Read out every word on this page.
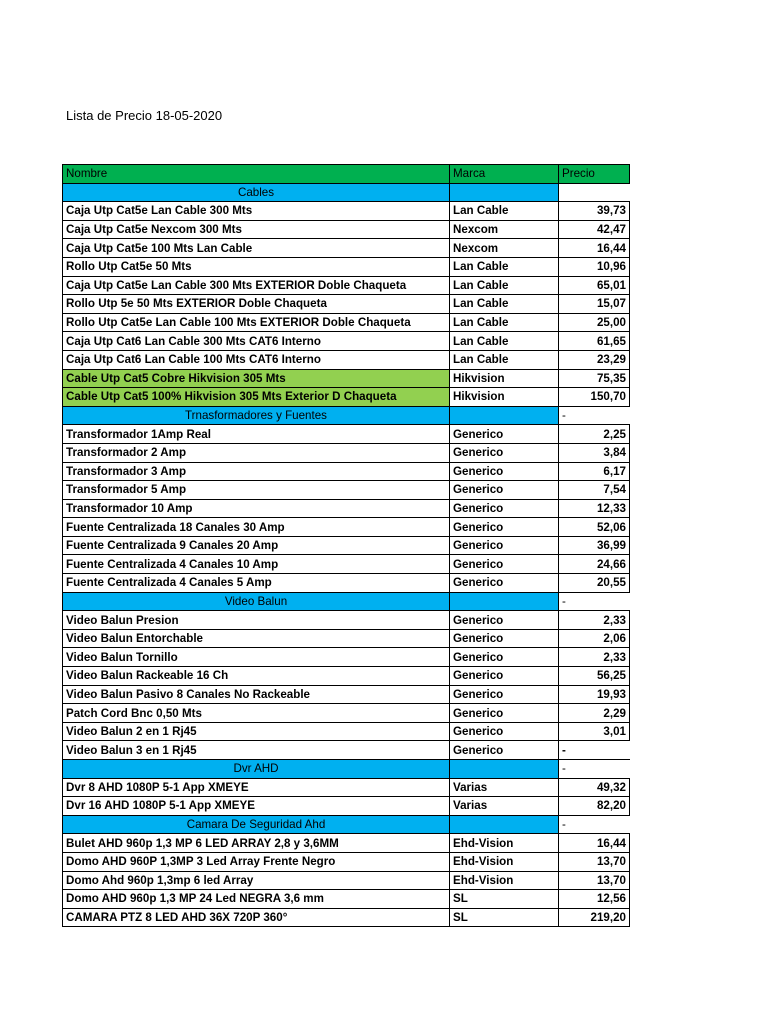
Lista de Precio 18-05-2020
Nombre	Marca	Precio
Cables		
Caja Utp Cat5e Lan Cable 300 Mts	Lan Cable	39,73
Caja Utp Cat5e Nexcom 300 Mts	Nexcom	42,47
Caja Utp Cat5e 100 Mts Lan Cable	Nexcom	16,44
Rollo Utp Cat5e 50 Mts	Lan Cable	10,96
Caja Utp Cat5e Lan Cable 300 Mts EXTERIOR Doble Chaqueta	Lan Cable	65,01
Rollo Utp 5e 50 Mts EXTERIOR Doble Chaqueta	Lan Cable	15,07
Rollo Utp Cat5e Lan Cable 100 Mts EXTERIOR Doble Chaqueta	Lan Cable	25,00
Caja Utp Cat6 Lan Cable 300 Mts CAT6 Interno	Lan Cable	61,65
Caja Utp Cat6 Lan Cable 100 Mts CAT6 Interno	Lan Cable	23,29
Cable Utp Cat5 Cobre Hikvision 305 Mts	Hikvision	75,35
Cable Utp Cat5 100% Hikvision 305 Mts Exterior D Chaqueta	Hikvision	150,70
Trnasformadores y Fuentes		-
Transformador 1Amp Real	Generico	2,25
Transformador 2 Amp	Generico	3,84
Transformador 3 Amp	Generico	6,17
Transformador 5 Amp	Generico	7,54
Transformador 10 Amp	Generico	12,33
Fuente Centralizada 18 Canales 30 Amp	Generico	52,06
Fuente Centralizada 9 Canales 20 Amp	Generico	36,99
Fuente Centralizada 4 Canales 10 Amp	Generico	24,66
Fuente Centralizada 4 Canales 5 Amp	Generico	20,55
Video Balun		-
Video Balun Presion	Generico	2,33
Video Balun Entorchable	Generico	2,06
Video Balun Tornillo	Generico	2,33
Video Balun Rackeable 16 Ch	Generico	56,25
Video Balun Pasivo 8 Canales No Rackeable	Generico	19,93
Patch Cord Bnc 0,50 Mts	Generico	2,29
Video Balun 2 en 1 Rj45	Generico	3,01
Video Balun 3 en 1 Rj45	Generico	-
Dvr AHD		-
Dvr 8 AHD 1080P 5-1 App XMEYE	Varias	49,32
Dvr 16 AHD 1080P 5-1 App XMEYE	Varias	82,20
Camara De Seguridad Ahd		-
Bulet AHD 960p 1,3 MP 6 LED ARRAY 2,8 y 3,6MM	Ehd-Vision	16,44
Domo AHD 960P 1,3MP 3 Led Array Frente Negro	Ehd-Vision	13,70
Domo Ahd 960p 1,3mp 6 led Array	Ehd-Vision	13,70
Domo AHD 960p 1,3 MP 24 Led NEGRA 3,6 mm	SL	12,56
CAMARA PTZ 8 LED AHD 36X 720P 360°	SL	219,20
